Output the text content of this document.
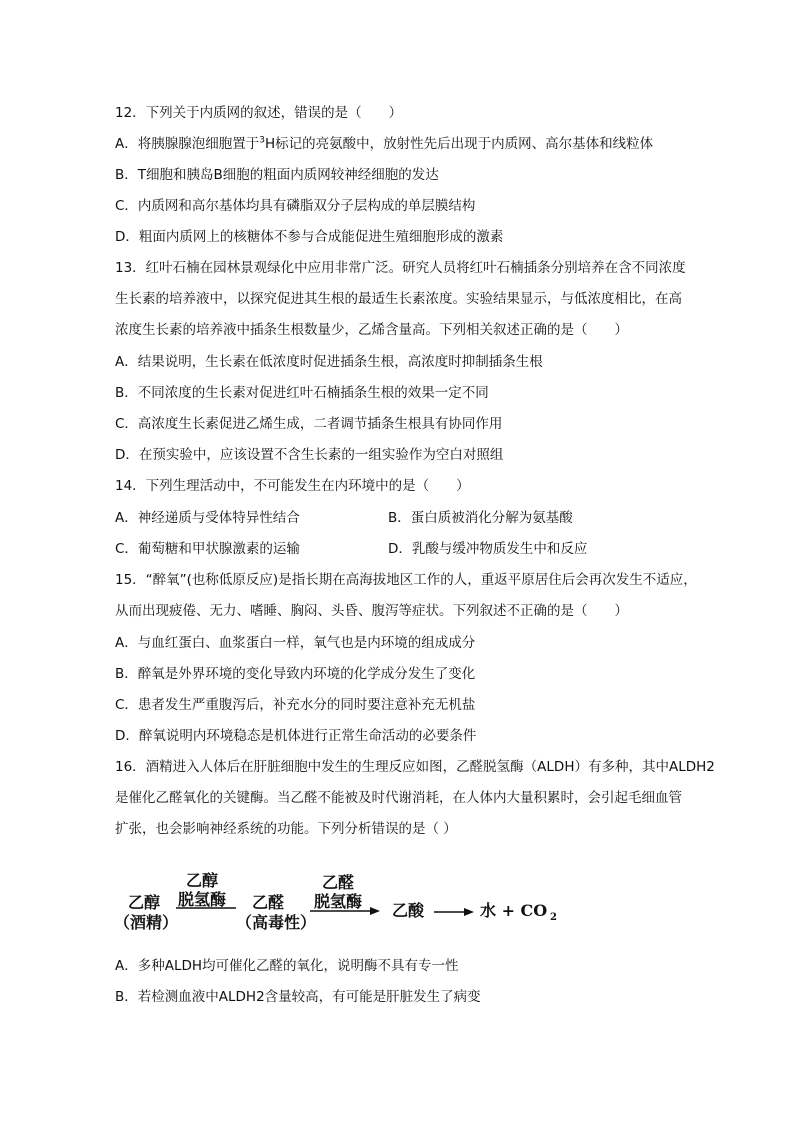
12．下列关于内质网的叙述，错误的是（　　）
A．将胰腺腺泡细胞置于$^3$H标记的亮氨酸中，放射性先后出现于内质网、高尔基体和线粒体
B．T细胞和胰岛B细胞的粗面内质网较神经细胞的发达
C．内质网和高尔基体均具有磷脂双分子层构成的单层膜结构
D．粗面内质网上的核糖体不参与合成能促进生殖细胞形成的激素
13．红叶石楠在园林景观绿化中应用非常广泛。研究人员将红叶石楠插条分别培养在含不同浓度
生长素的培养液中，以探究促进其生根的最适生长素浓度。实验结果显示，与低浓度相比，在高
浓度生长素的培养液中插条生根数量少，乙烯含量高。下列相关叙述正确的是（　　）
A．结果说明，生长素在低浓度时促进插条生根，高浓度时抑制插条生根
B．不同浓度的生长素对促进红叶石楠插条生根的效果一定不同
C．高浓度生长素促进乙烯生成，二者调节插条生根具有协同作用
D．在预实验中，应该设置不含生长素的一组实验作为空白对照组
14．下列生理活动中，不可能发生在内环境中的是（　　）
A．神经递质与受体特异性结合	B．蛋白质被消化分解为氨基酸
C．葡萄糖和甲状腺激素的运输	D．乳酸与缓冲物质发生中和反应
15．“醉氧”(也称低原反应)是指长期在高海拔地区工作的人，重返平原居住后会再次发生不适应，
从而出现疲倦、无力、嗜睡、胸闷、头昏、腹泻等症状。下列叙述不正确的是（　　）
A．与血红蛋白、血浆蛋白一样，氧气也是内环境的组成成分
B．醉氧是外界环境的变化导致内环境的化学成分发生了变化
C．患者发生严重腹泻后，补充水分的同时要注意补充无机盐
D．醉氧说明内环境稳态是机体进行正常生命活动的必要条件
16．酒精进入人体后在肝脏细胞中发生的生理反应如图，乙醛脱氢酶（ALDH）有多种，其中ALDH2
是催化乙醛氧化的关键酶。当乙醛不能被及时代谢消耗，在人体内大量积累时，会引起毛细血管
扩张，也会影响神经系统的功能。下列分析错误的是（ ）
乙醇
（酒精）
乙醇
脱氢酶 乙醛
（高毒性）
乙醛
脱氢酶 乙酸	水 + CO 2
A．多种ALDH均可催化乙醛的氧化，说明酶不具有专一性
B．若检测血液中ALDH2含量较高，有可能是肝脏发生了病变
